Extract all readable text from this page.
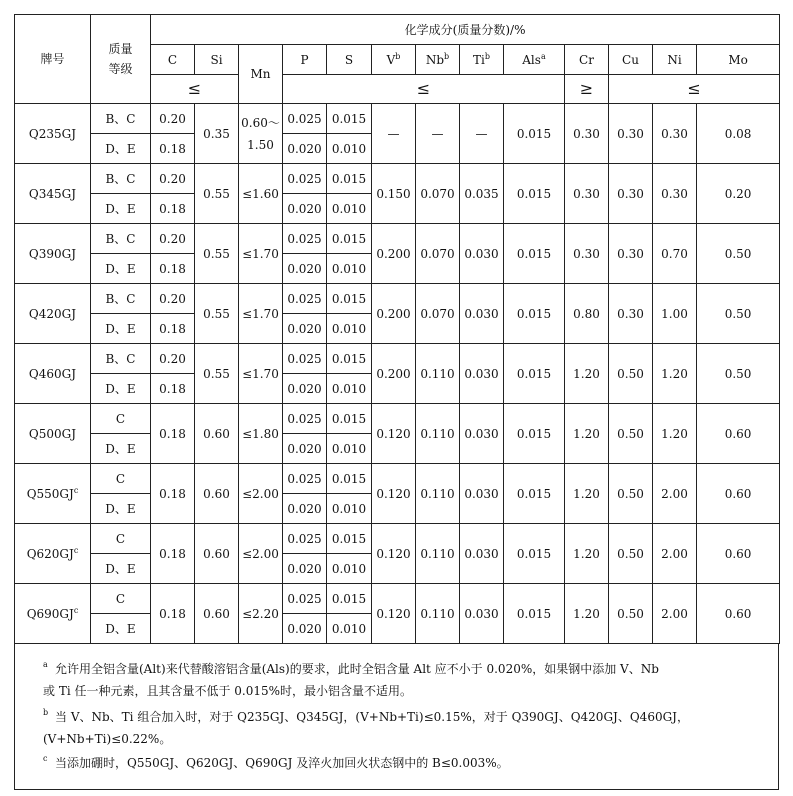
牌号	质量等级	化学成分(质量分数)/%												
		C	Si	Mn	P	S	$V^b$	Nb$^b$	Ti$^b$	Als$^a$	Cr	Cu	Ni	Mo
		≤			≤						≥	≤		
Q235GJ	B、C	0.20	0.35	0.60～1.50	0.025	0.015	—	—	—	0.015	0.30	0.30	0.30	0.08
	D、E	0.18			0.020	0.010								
Q345GJ	B、C	0.20	0.55	≤1.60	0.025	0.015	0.150	0.070	0.035	0.015	0.30	0.30	0.30	0.20
	D、E	0.18			0.020	0.010								
Q390GJ	B、C	0.20	0.55	≤1.70	0.025	0.015	0.200	0.070	0.030	0.015	0.30	0.30	0.70	0.50
	D、E	0.18			0.020	0.010								
Q420GJ	B、C	0.20	0.55	≤1.70	0.025	0.015	0.200	0.070	0.030	0.015	0.80	0.30	1.00	0.50
	D、E	0.18			0.020	0.010								
Q460GJ	B、C	0.20	0.55	≤1.70	0.025	0.015	0.200	0.110	0.030	0.015	1.20	0.50	1.20	0.50
	D、E	0.18			0.020	0.010								
Q500GJ	C	0.18	0.60	≤1.80	0.025	0.015	0.120	0.110	0.030	0.015	1.20	0.50	1.20	0.60
	D、E				0.020	0.010								
$Q550GJ^c$	C	0.18	0.60	≤2.00	0.025	0.015	0.120	0.110	0.030	0.015	1.20	0.50	2.00	0.60
	D、E				0.020	0.010								
$Q620GJ^c$	C	0.18	0.60	≤2.00	0.025	0.015	0.120	0.110	0.030	0.015	1.20	0.50	2.00	0.60
	D、E				0.020	0.010								
$Q690GJ^c$	C	0.18	0.60	≤2.20	0.025	0.015	0.120	0.110	0.030	0.015	1.20	0.50	2.00	0.60
	D、E				0.020	0.010								
a 允许用全铝含量(Alt)来代替酸溶铝含量(Als)的要求，此时全铝含量 Alt 应不小于 0.020%，如果钢中添加 V、Nb
或 Ti 任一种元素，且其含量不低于 0.015%时，最小铝含量不适用。
b 当 V、Nb、Ti 组合加入时，对于 Q235GJ、Q345GJ，(V+Nb+Ti)≤0.15%，对于 Q390GJ、Q420GJ、Q460GJ，
(V+Nb+Ti)≤0.22%。
c 当添加硼时，Q550GJ、Q620GJ、Q690GJ 及淬火加回火状态钢中的 B≤0.003%。
